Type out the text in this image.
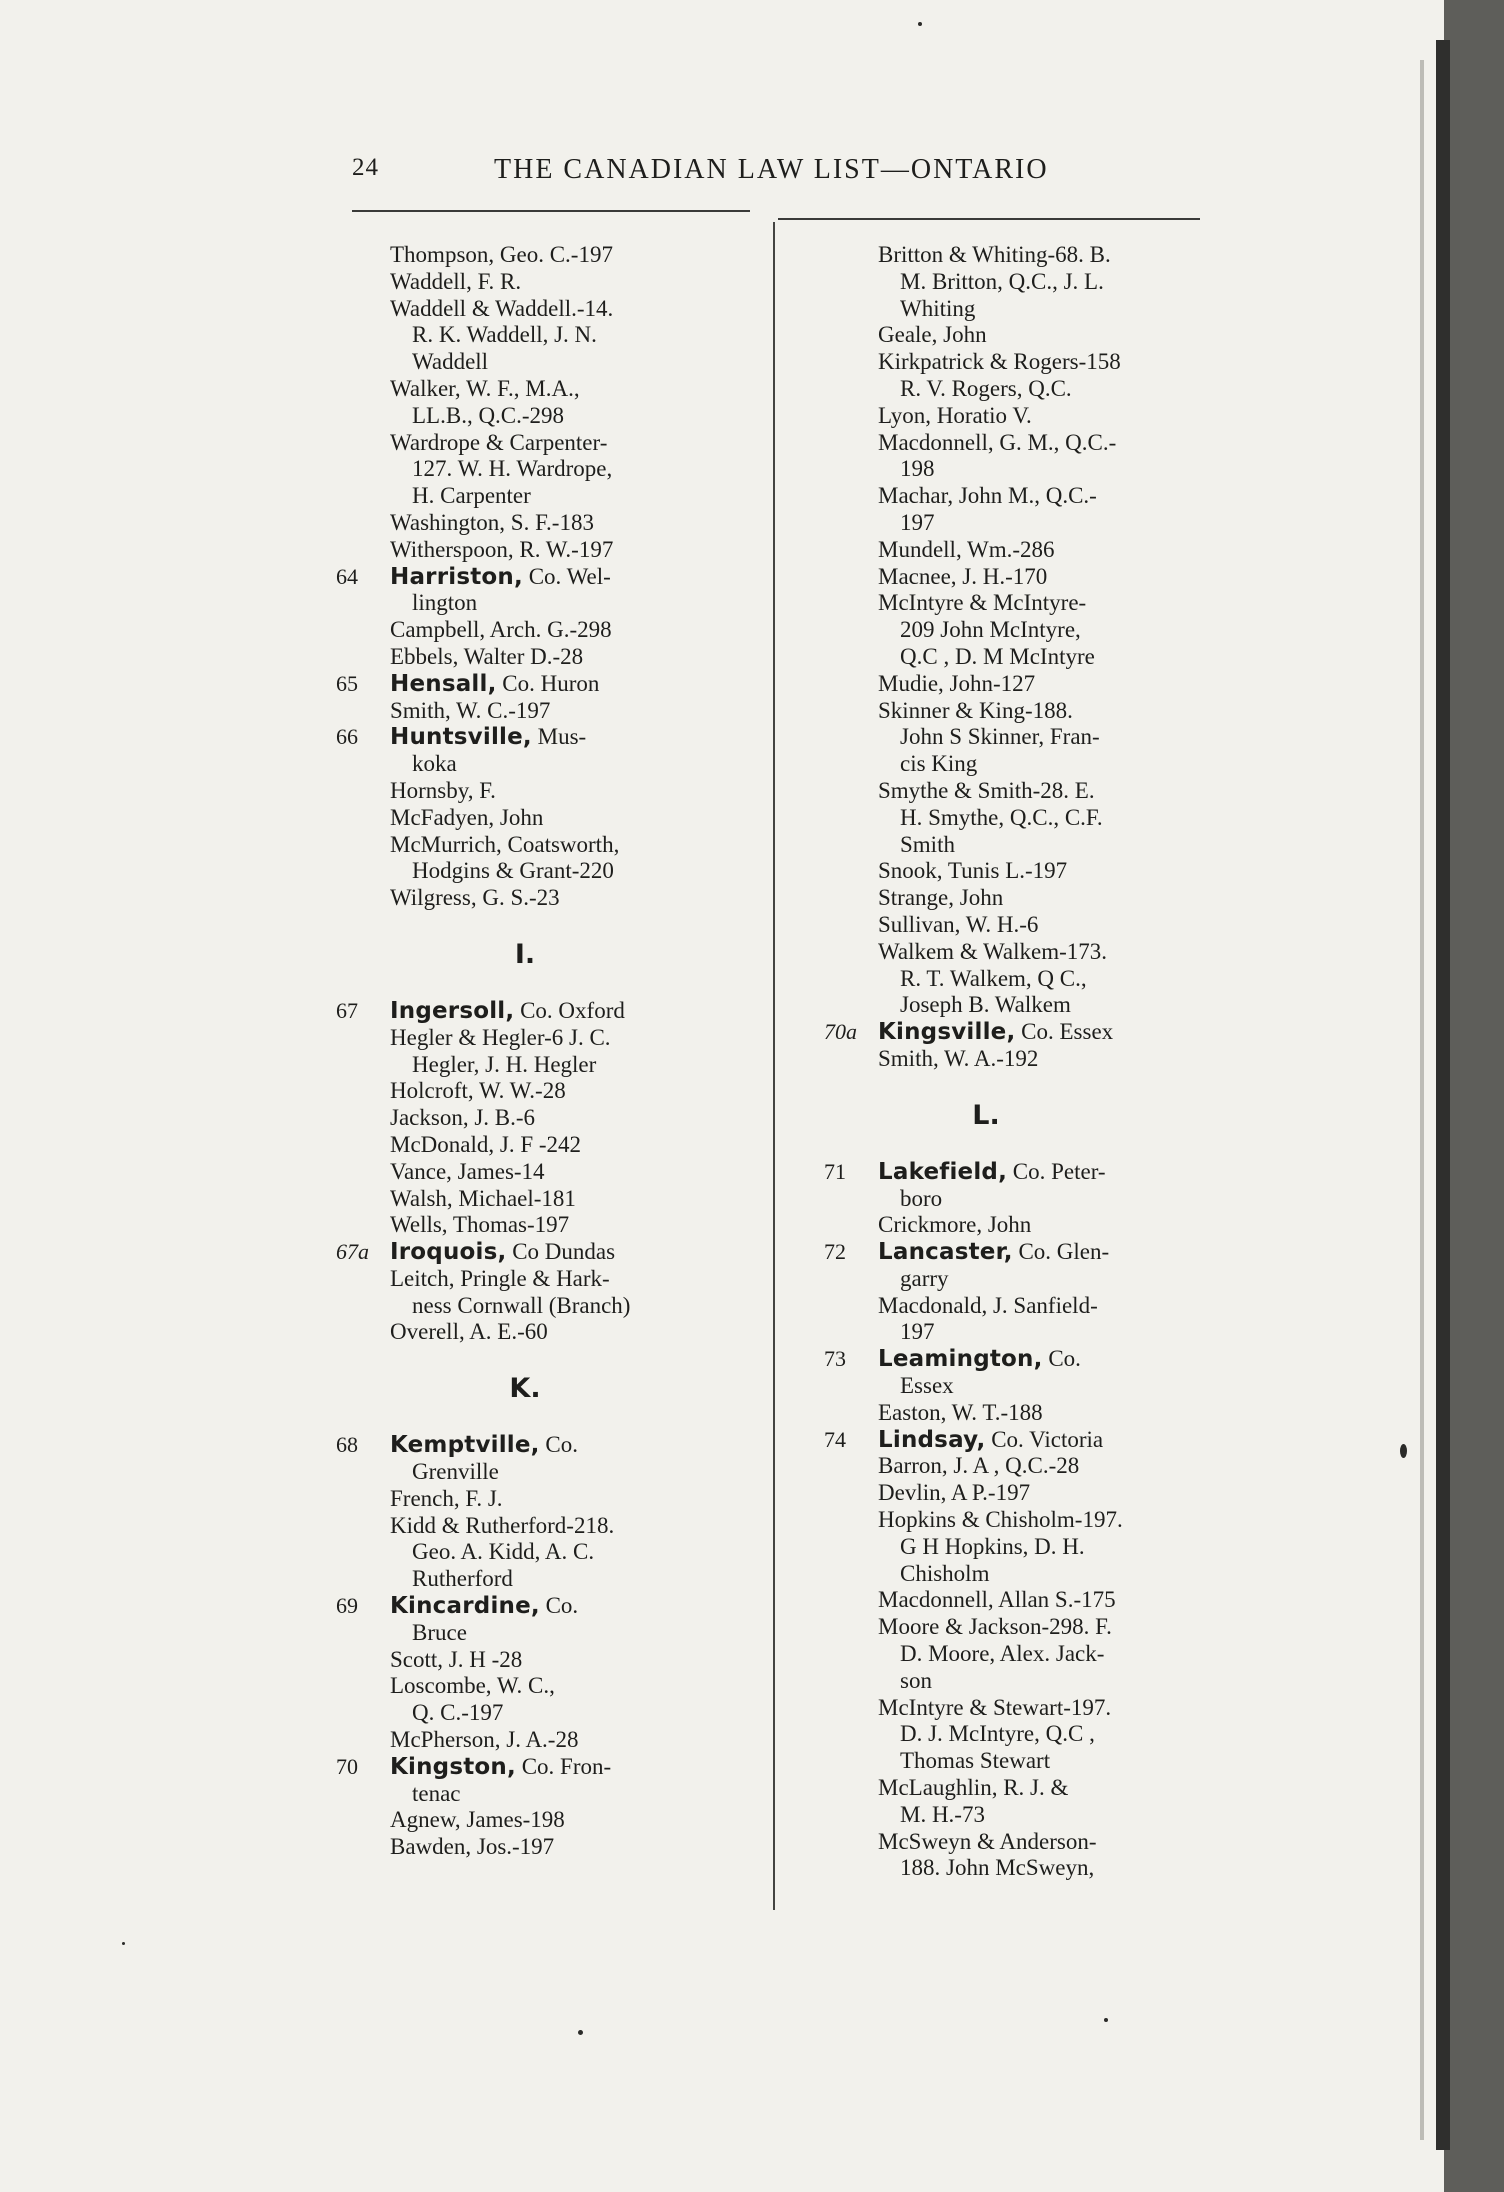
24	THE CANADIAN LAW LIST—ONTARIO
Thompson, Geo. C.-197
Waddell, F. R.
Waddell & Waddell.-14.
R. K. Waddell, J. N.
Waddell
Walker, W. F., M.A.,
LL.B., Q.C.-298
Wardrope & Carpenter-
127. W. H. Wardrope,
H. Carpenter
Washington, S. F.-183
Witherspoon, R. W.-197
64 Harriston, Co. Wel-
lington
Campbell, Arch. G.-298
Ebbels, Walter D.-28
65 Hensall, Co. Huron
Smith, W. C.-197
66 Huntsville, Mus-
koka
Hornsby, F.
McFadyen, John
McMurrich, Coatsworth,
Hodgins & Grant-220
Wilgress, G. S.-23
I.
67 Ingersoll, Co. Oxford
Hegler & Hegler-6 J. C.
Hegler, J. H. Hegler
Holcroft, W. W.-28
Jackson, J. B.-6
McDonald, J. F -242
Vance, James-14
Walsh, Michael-181
Wells, Thomas-197
67a Iroquois, Co Dundas
Leitch, Pringle & Hark-
ness Cornwall (Branch)
Overell, A. E.-60
K.
68 Kemptville, Co.
Grenville
French, F. J.
Kidd & Rutherford-218.
Geo. A. Kidd, A. C.
Rutherford
69 Kincardine, Co.
Bruce
Scott, J. H -28
Loscombe, W. C.,
Q. C.-197
McPherson, J. A.-28
70 Kingston, Co. Fron-
tenac
Agnew, James-198
Bawden, Jos.-197
Britton & Whiting-68. B.
M. Britton, Q.C., J. L.
Whiting
Geale, John
Kirkpatrick & Rogers-158
R. V. Rogers, Q.C.
Lyon, Horatio V.
Macdonnell, G. M., Q.C.-
198
Machar, John M., Q.C.-
197
Mundell, Wm.-286
Macnee, J. H.-170
McIntyre & McIntyre-
209 John McIntyre,
Q.C , D. M McIntyre
Mudie, John-127
Skinner & King-188.
John S Skinner, Fran-
cis King
Smythe & Smith-28. E.
H. Smythe, Q.C., C.F.
Smith
Snook, Tunis L.-197
Strange, John
Sullivan, W. H.-6
Walkem & Walkem-173.
R. T. Walkem, Q C.,
Joseph B. Walkem
70a Kingsville, Co. Essex
Smith, W. A.-192
L.
71 Lakefield, Co. Peter-
boro
Crickmore, John
72 Lancaster, Co. Glen-
garry
Macdonald, J. Sanfield-
197
73 Leamington, Co.
Essex
Easton, W. T.-188
74 Lindsay, Co. Victoria
Barron, J. A , Q.C.-28
Devlin, A P.-197
Hopkins & Chisholm-197.
G H Hopkins, D. H.
Chisholm
Macdonnell, Allan S.-175
Moore & Jackson-298. F.
D. Moore, Alex. Jack-
son
McIntyre & Stewart-197.
D. J. McIntyre, Q.C ,
Thomas Stewart
McLaughlin, R. J. &
M. H.-73
McSweyn & Anderson-
188. John McSweyn,
